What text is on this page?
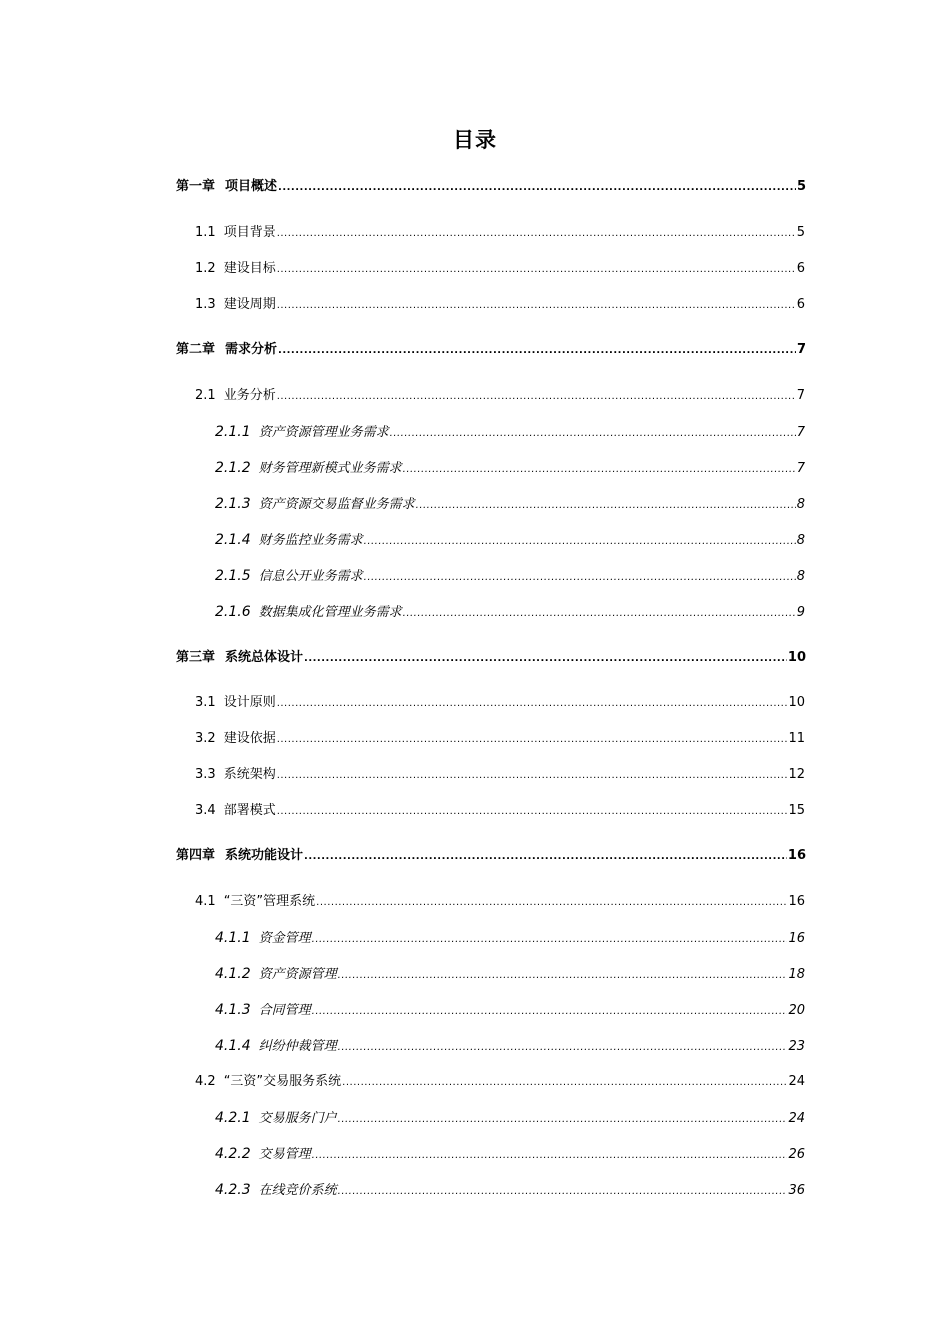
目录
第一章 项目概述 .....	5
1.1 项目背景 .....	5
1.2 建设目标 .....	6
1.3 建设周期 .....	6
第二章 需求分析 .....	7
2.1 业务分析 .....	7
2.1.1 资产资源管理业务需求 .....	7
2.1.2 财务管理新模式业务需求 .....	7
2.1.3 资产资源交易监督业务需求 .....	8
2.1.4 财务监控业务需求 .....	8
2.1.5 信息公开业务需求 .....	8
2.1.6 数据集成化管理业务需求 .....	9
第三章 系统总体设计 .....	10
3.1 设计原则 .....	10
3.2 建设依据 .....	11
3.3 系统架构 .....	12
3.4 部署模式 .....	15
第四章 系统功能设计 .....	16
4.1 “三资”管理系统 .....	16
4.1.1 资金管理 .....	16
4.1.2 资产资源管理 .....	18
4.1.3 合同管理 .....	20
4.1.4 纠纷仲裁管理 .....	23
4.2 “三资”交易服务系统 .....	24
4.2.1 交易服务门户 .....	24
4.2.2 交易管理 .....	26
4.2.3 在线竞价系统 .....	36
